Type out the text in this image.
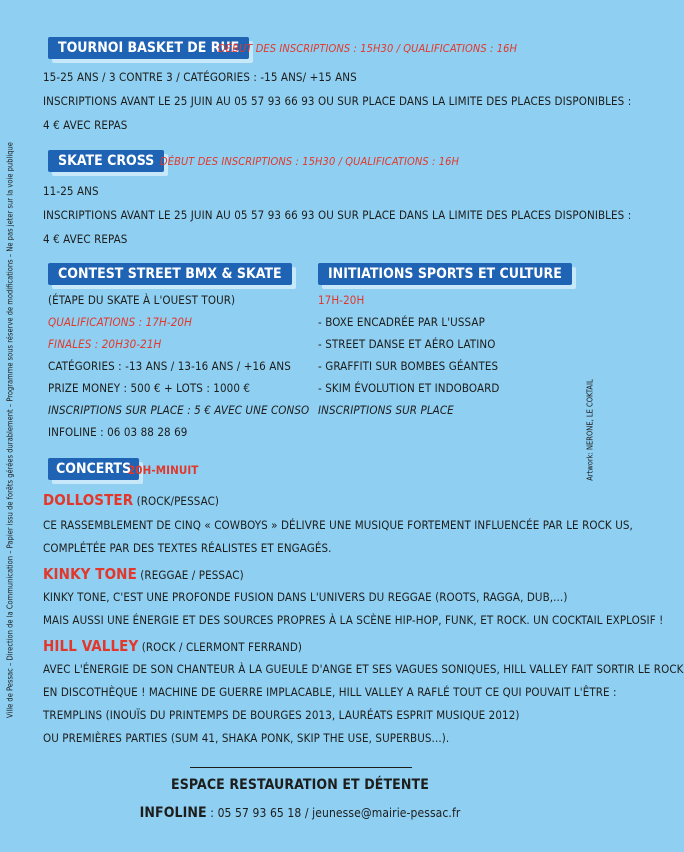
TOURNOI BASKET DE RUE
DÉBUT DES INSCRIPTIONS : 15H30 / QUALIFICATIONS : 16H
15-25 ANS / 3 CONTRE 3 / CATÉGORIES : -15 ANS/ +15 ANS
INSCRIPTIONS AVANT LE 25 JUIN AU 05 57 93 66 93 OU SUR PLACE DANS LA LIMITE DES PLACES DISPONIBLES :
4 € AVEC REPAS
SKATE CROSS DÉBUT DES INSCRIPTIONS : 15H30 / QUALIFICATIONS : 16H
11-25 ANS
INSCRIPTIONS AVANT LE 25 JUIN AU 05 57 93 66 93 OU SUR PLACE DANS LA LIMITE DES PLACES DISPONIBLES :
4 € AVEC REPAS
CONTEST STREET BMX & SKATE
(ÉTAPE DU SKATE À L'OUEST TOUR)
QUALIFICATIONS : 17H-20H
FINALES : 20H30-21H
CATÉGORIES : -13 ANS / 13-16 ANS / +16 ANS
PRIZE MONEY : 500 € + LOTS : 1000 €
INSCRIPTIONS SUR PLACE : 5 € AVEC UNE CONSO
INFOLINE : 06 03 88 28 69
INITIATIONS SPORTS ET CULTURE
17H-20H
- BOXE ENCADRÉE PAR L'USSAP
- STREET DANSE ET AÉRO LATINO
- GRAFFITI SUR BOMBES GÉANTES
- SKIM ÉVOLUTION ET INDOBOARD
INSCRIPTIONS SUR PLACE
CONCERTS
20H-MINUIT
DOLLOSTER (ROCK/PESSAC)
CE RASSEMBLEMENT DE CINQ « COWBOYS » DÉLIVRE UNE MUSIQUE FORTEMENT INFLUENCÉE PAR LE ROCK US,
COMPLÉTÉE PAR DES TEXTES RÉALISTES ET ENGAGÉS.
KINKY TONE (REGGAE / PESSAC)
KINKY TONE, C'EST UNE PROFONDE FUSION DANS L'UNIVERS DU REGGAE (ROOTS, RAGGA, DUB,...)
MAIS AUSSI UNE ÉNERGIE ET DES SOURCES PROPRES À LA SCÈNE HIP-HOP, FUNK, ET ROCK. UN COCKTAIL EXPLOSIF !
HILL VALLEY (ROCK / CLERMONT FERRAND)
AVEC L'ÉNERGIE DE SON CHANTEUR À LA GUEULE D'ANGE ET SES VAGUES SONIQUES, HILL VALLEY FAIT SORTIR LE ROCK
EN DISCOTHÈQUE ! MACHINE DE GUERRE IMPLACABLE, HILL VALLEY A RAFLÉ TOUT CE QUI POUVAIT L'ÊTRE :
TREMPLINS (INOUÏS DU PRINTEMPS DE BOURGES 2013, LAURÉATS ESPRIT MUSIQUE 2012)
OU PREMIÈRES PARTIES (SUM 41, SHAKA PONK, SKIP THE USE, SUPERBUS...).
ESPACE RESTAURATION ET DÉTENTE
INFOLINE : 05 57 93 65 18 / jeunesse@mairie-pessac.fr
Ville de Pessac – Direction de la Communication – Papier issu de forêts gérées durablement – Programme sous réserve de modifications – Ne pas jeter sur la voie publique	Artwork: NERONE, LE COKTAIL
